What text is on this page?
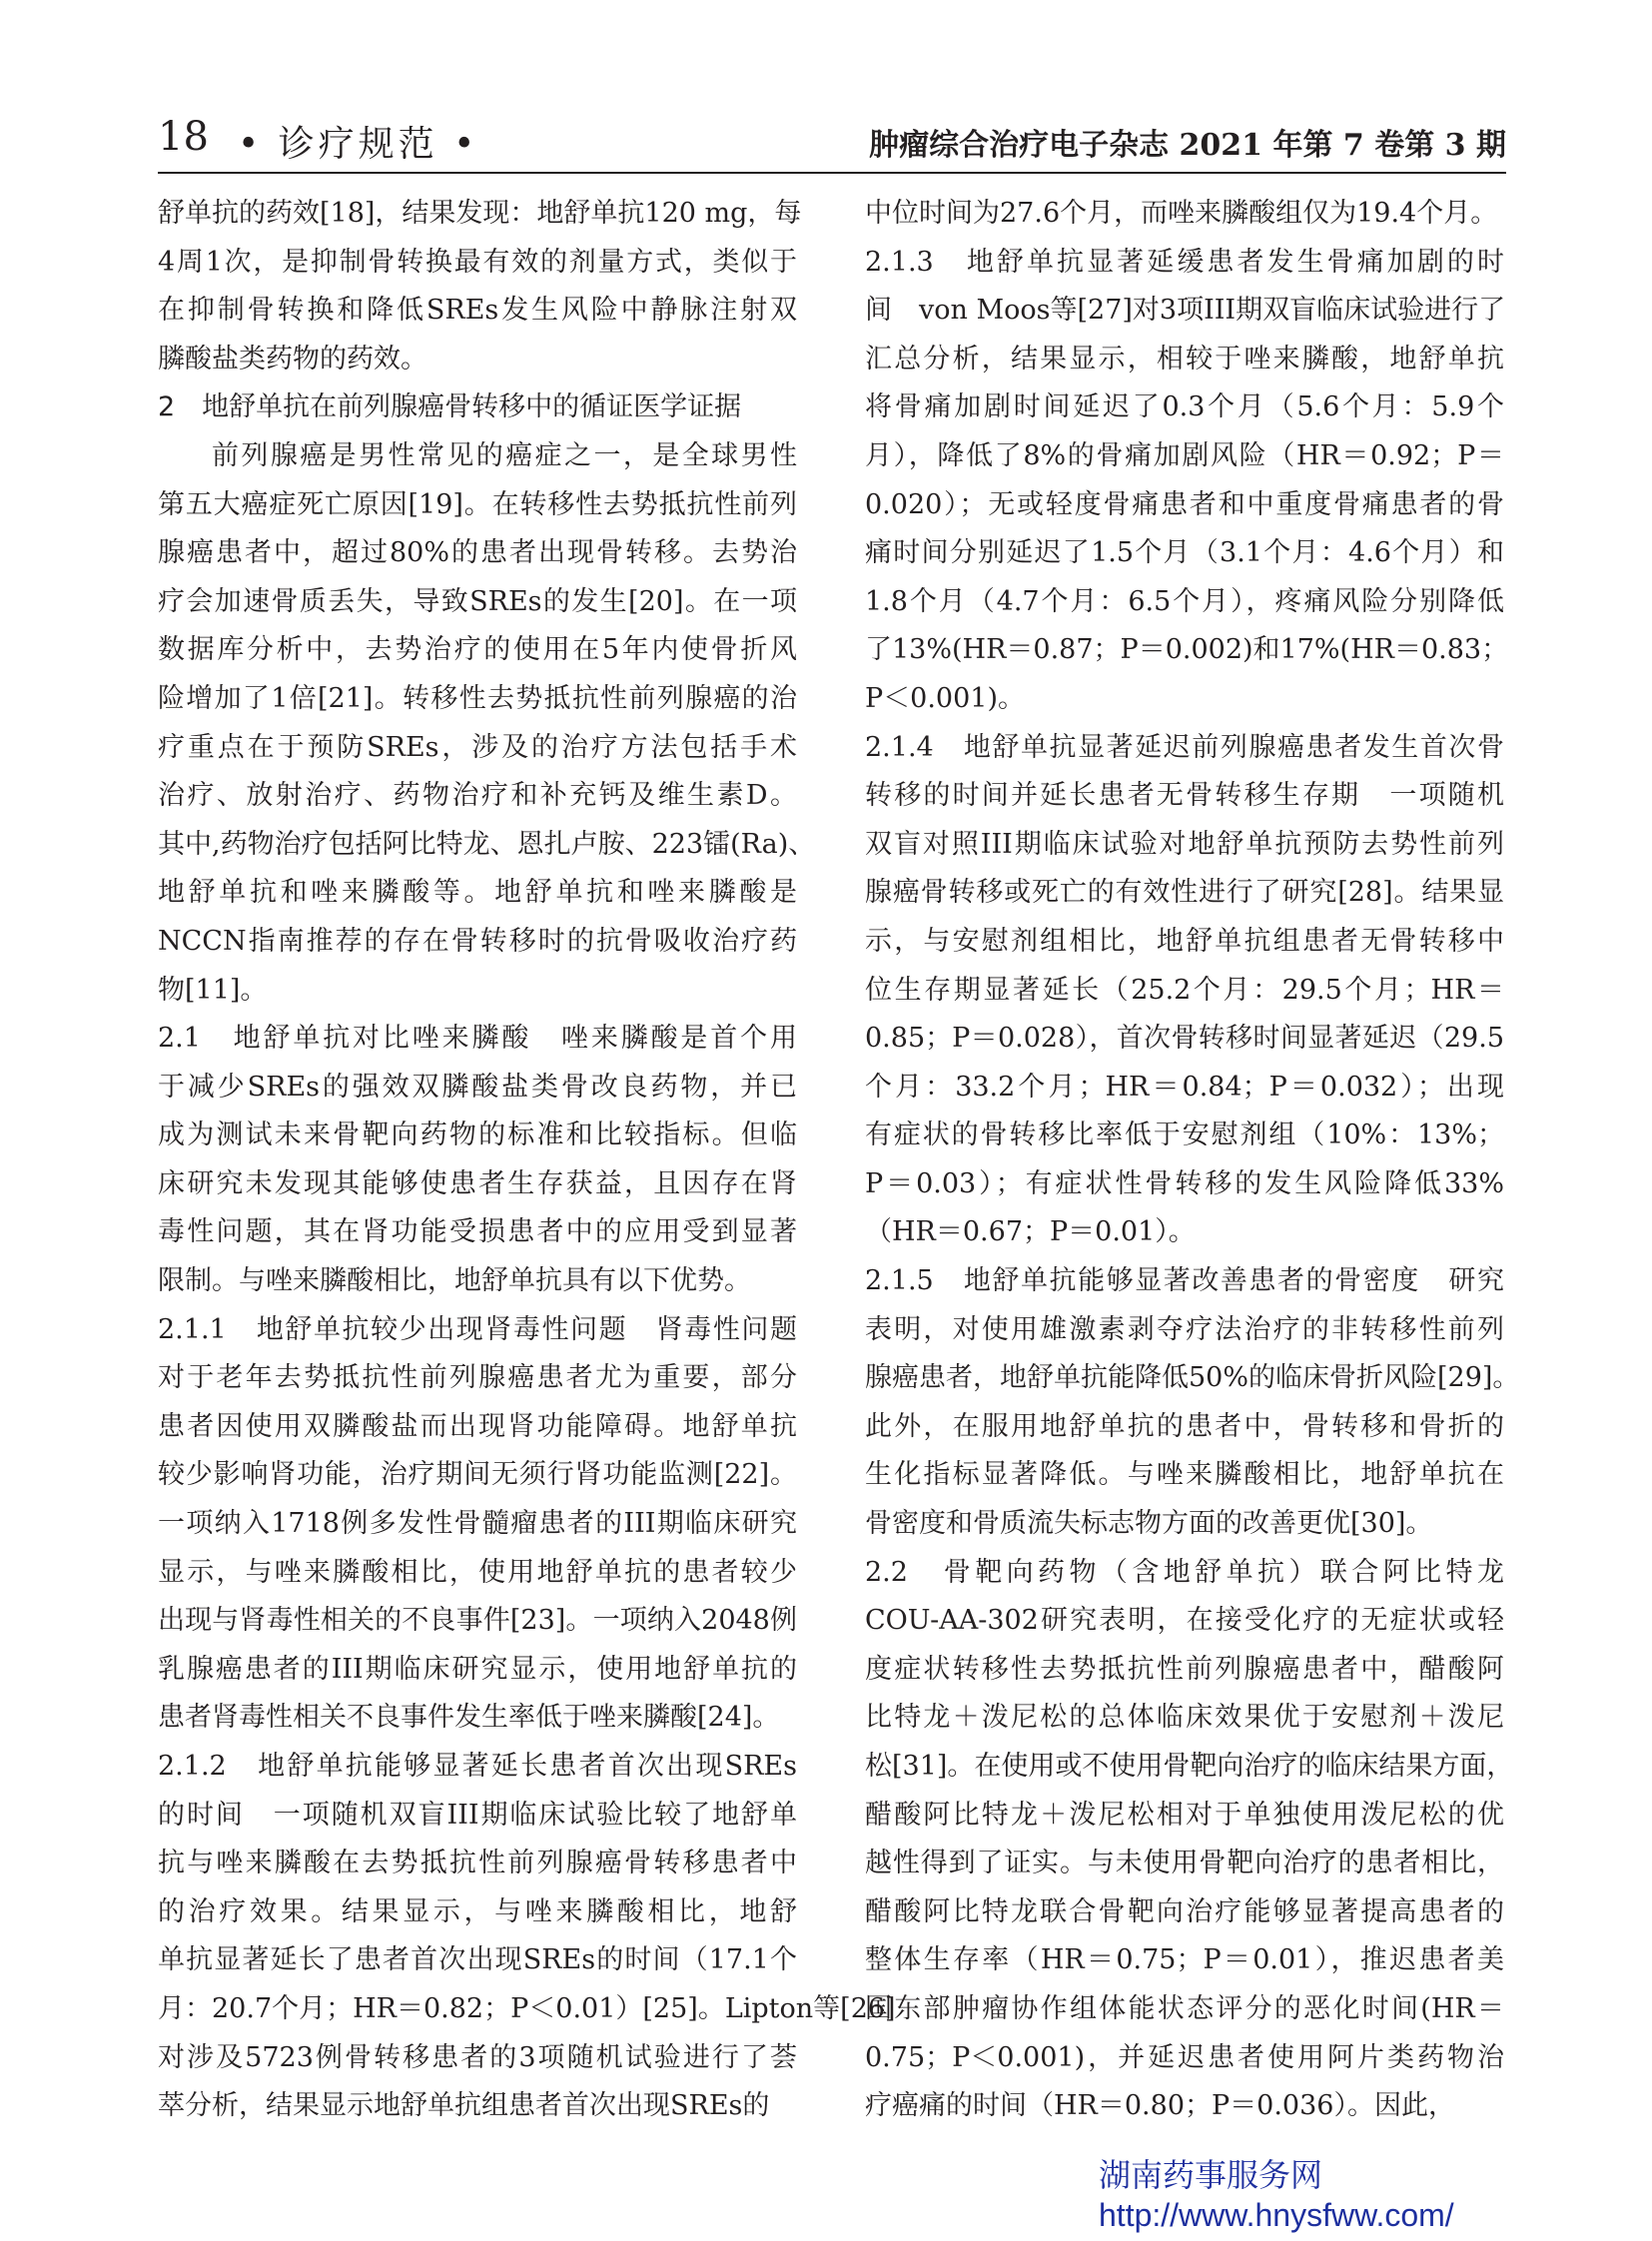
18 • 诊疗规范 •	肿瘤综合治疗电子杂志 2021 年第 7 卷第 3 期
舒单抗的药效[18]，结果发现：地舒单抗120 mg，每
4周1次，是抑制骨转换最有效的剂量方式，类似于
在抑制骨转换和降低SREs发生风险中静脉注射双
膦酸盐类药物的药效。
2　地舒单抗在前列腺癌骨转移中的循证医学证据
前列腺癌是男性常见的癌症之一，是全球男性
第五大癌症死亡原因[19]。在转移性去势抵抗性前列
腺癌患者中，超过80%的患者出现骨转移。去势治
疗会加速骨质丢失，导致SREs的发生[20]。在一项
数据库分析中，去势治疗的使用在5年内使骨折风
险增加了1倍[21]。转移性去势抵抗性前列腺癌的治
疗重点在于预防SREs，涉及的治疗方法包括手术
治疗、放射治疗、药物治疗和补充钙及维生素D。
其中,药物治疗包括阿比特龙、恩扎卢胺、223镭(Ra)、
地舒单抗和唑来膦酸等。地舒单抗和唑来膦酸是
NCCN指南推荐的存在骨转移时的抗骨吸收治疗药
物[11]。
2.1　地舒单抗对比唑来膦酸　唑来膦酸是首个用
于减少SREs的强效双膦酸盐类骨改良药物，并已
成为测试未来骨靶向药物的标准和比较指标。但临
床研究未发现其能够使患者生存获益，且因存在肾
毒性问题，其在肾功能受损患者中的应用受到显著
限制。与唑来膦酸相比，地舒单抗具有以下优势。
2.1.1　地舒单抗较少出现肾毒性问题　肾毒性问题
对于老年去势抵抗性前列腺癌患者尤为重要，部分
患者因使用双膦酸盐而出现肾功能障碍。地舒单抗
较少影响肾功能，治疗期间无须行肾功能监测[22]。
一项纳入1718例多发性骨髓瘤患者的III期临床研究
显示，与唑来膦酸相比，使用地舒单抗的患者较少
出现与肾毒性相关的不良事件[23]。一项纳入2048例
乳腺癌患者的III期临床研究显示，使用地舒单抗的
患者肾毒性相关不良事件发生率低于唑来膦酸[24]。
2.1.2　地舒单抗能够显著延长患者首次出现SREs
的时间　一项随机双盲III期临床试验比较了地舒单
抗与唑来膦酸在去势抵抗性前列腺癌骨转移患者中
的治疗效果。结果显示，与唑来膦酸相比，地舒
单抗显著延长了患者首次出现SREs的时间（17.1个
月：20.7个月；HR＝0.82；P＜0.01）[25]。Lipton等[26]
对涉及5723例骨转移患者的3项随机试验进行了荟
萃分析，结果显示地舒单抗组患者首次出现SREs的
中位时间为27.6个月，而唑来膦酸组仅为19.4个月。
2.1.3　地舒单抗显著延缓患者发生骨痛加剧的时
间　von Moos等[27]对3项III期双盲临床试验进行了
汇总分析，结果显示，相较于唑来膦酸，地舒单抗
将骨痛加剧时间延迟了0.3个月（5.6个月：5.9个
月），降低了8%的骨痛加剧风险（HR＝0.92；P＝
0.020）；无或轻度骨痛患者和中重度骨痛患者的骨
痛时间分别延迟了1.5个月（3.1个月：4.6个月）和
1.8个月（4.7个月：6.5个月），疼痛风险分别降低
了13%(HR＝0.87；P＝0.002)和17%(HR＝0.83；
P＜0.001)。
2.1.4　地舒单抗显著延迟前列腺癌患者发生首次骨
转移的时间并延长患者无骨转移生存期　一项随机
双盲对照III期临床试验对地舒单抗预防去势性前列
腺癌骨转移或死亡的有效性进行了研究[28]。结果显
示，与安慰剂组相比，地舒单抗组患者无骨转移中
位生存期显著延长（25.2个月：29.5个月；HR＝
0.85；P＝0.028），首次骨转移时间显著延迟（29.5
个月：33.2个月；HR＝0.84；P＝0.032）；出现
有症状的骨转移比率低于安慰剂组（10%：13%；
P＝0.03）；有症状性骨转移的发生风险降低33%
（HR＝0.67；P＝0.01）。
2.1.5　地舒单抗能够显著改善患者的骨密度　研究
表明，对使用雄激素剥夺疗法治疗的非转移性前列
腺癌患者，地舒单抗能降低50%的临床骨折风险[29]。
此外，在服用地舒单抗的患者中，骨转移和骨折的
生化指标显著降低。与唑来膦酸相比，地舒单抗在
骨密度和骨质流失标志物方面的改善更优[30]。
2.2　骨靶向药物（含地舒单抗）联合阿比特龙
COU-AA-302研究表明，在接受化疗的无症状或轻
度症状转移性去势抵抗性前列腺癌患者中，醋酸阿
比特龙＋泼尼松的总体临床效果优于安慰剂＋泼尼
松[31]。在使用或不使用骨靶向治疗的临床结果方面，
醋酸阿比特龙＋泼尼松相对于单独使用泼尼松的优
越性得到了证实。与未使用骨靶向治疗的患者相比，
醋酸阿比特龙联合骨靶向治疗能够显著提高患者的
整体生存率（HR＝0.75；P＝0.01），推迟患者美
国东部肿瘤协作组体能状态评分的恶化时间(HR＝
0.75；P＜0.001)，并延迟患者使用阿片类药物治
疗癌痛的时间（HR＝0.80；P＝0.036）。因此，
湖南药事服务网
http://www.hnysfww.com/
